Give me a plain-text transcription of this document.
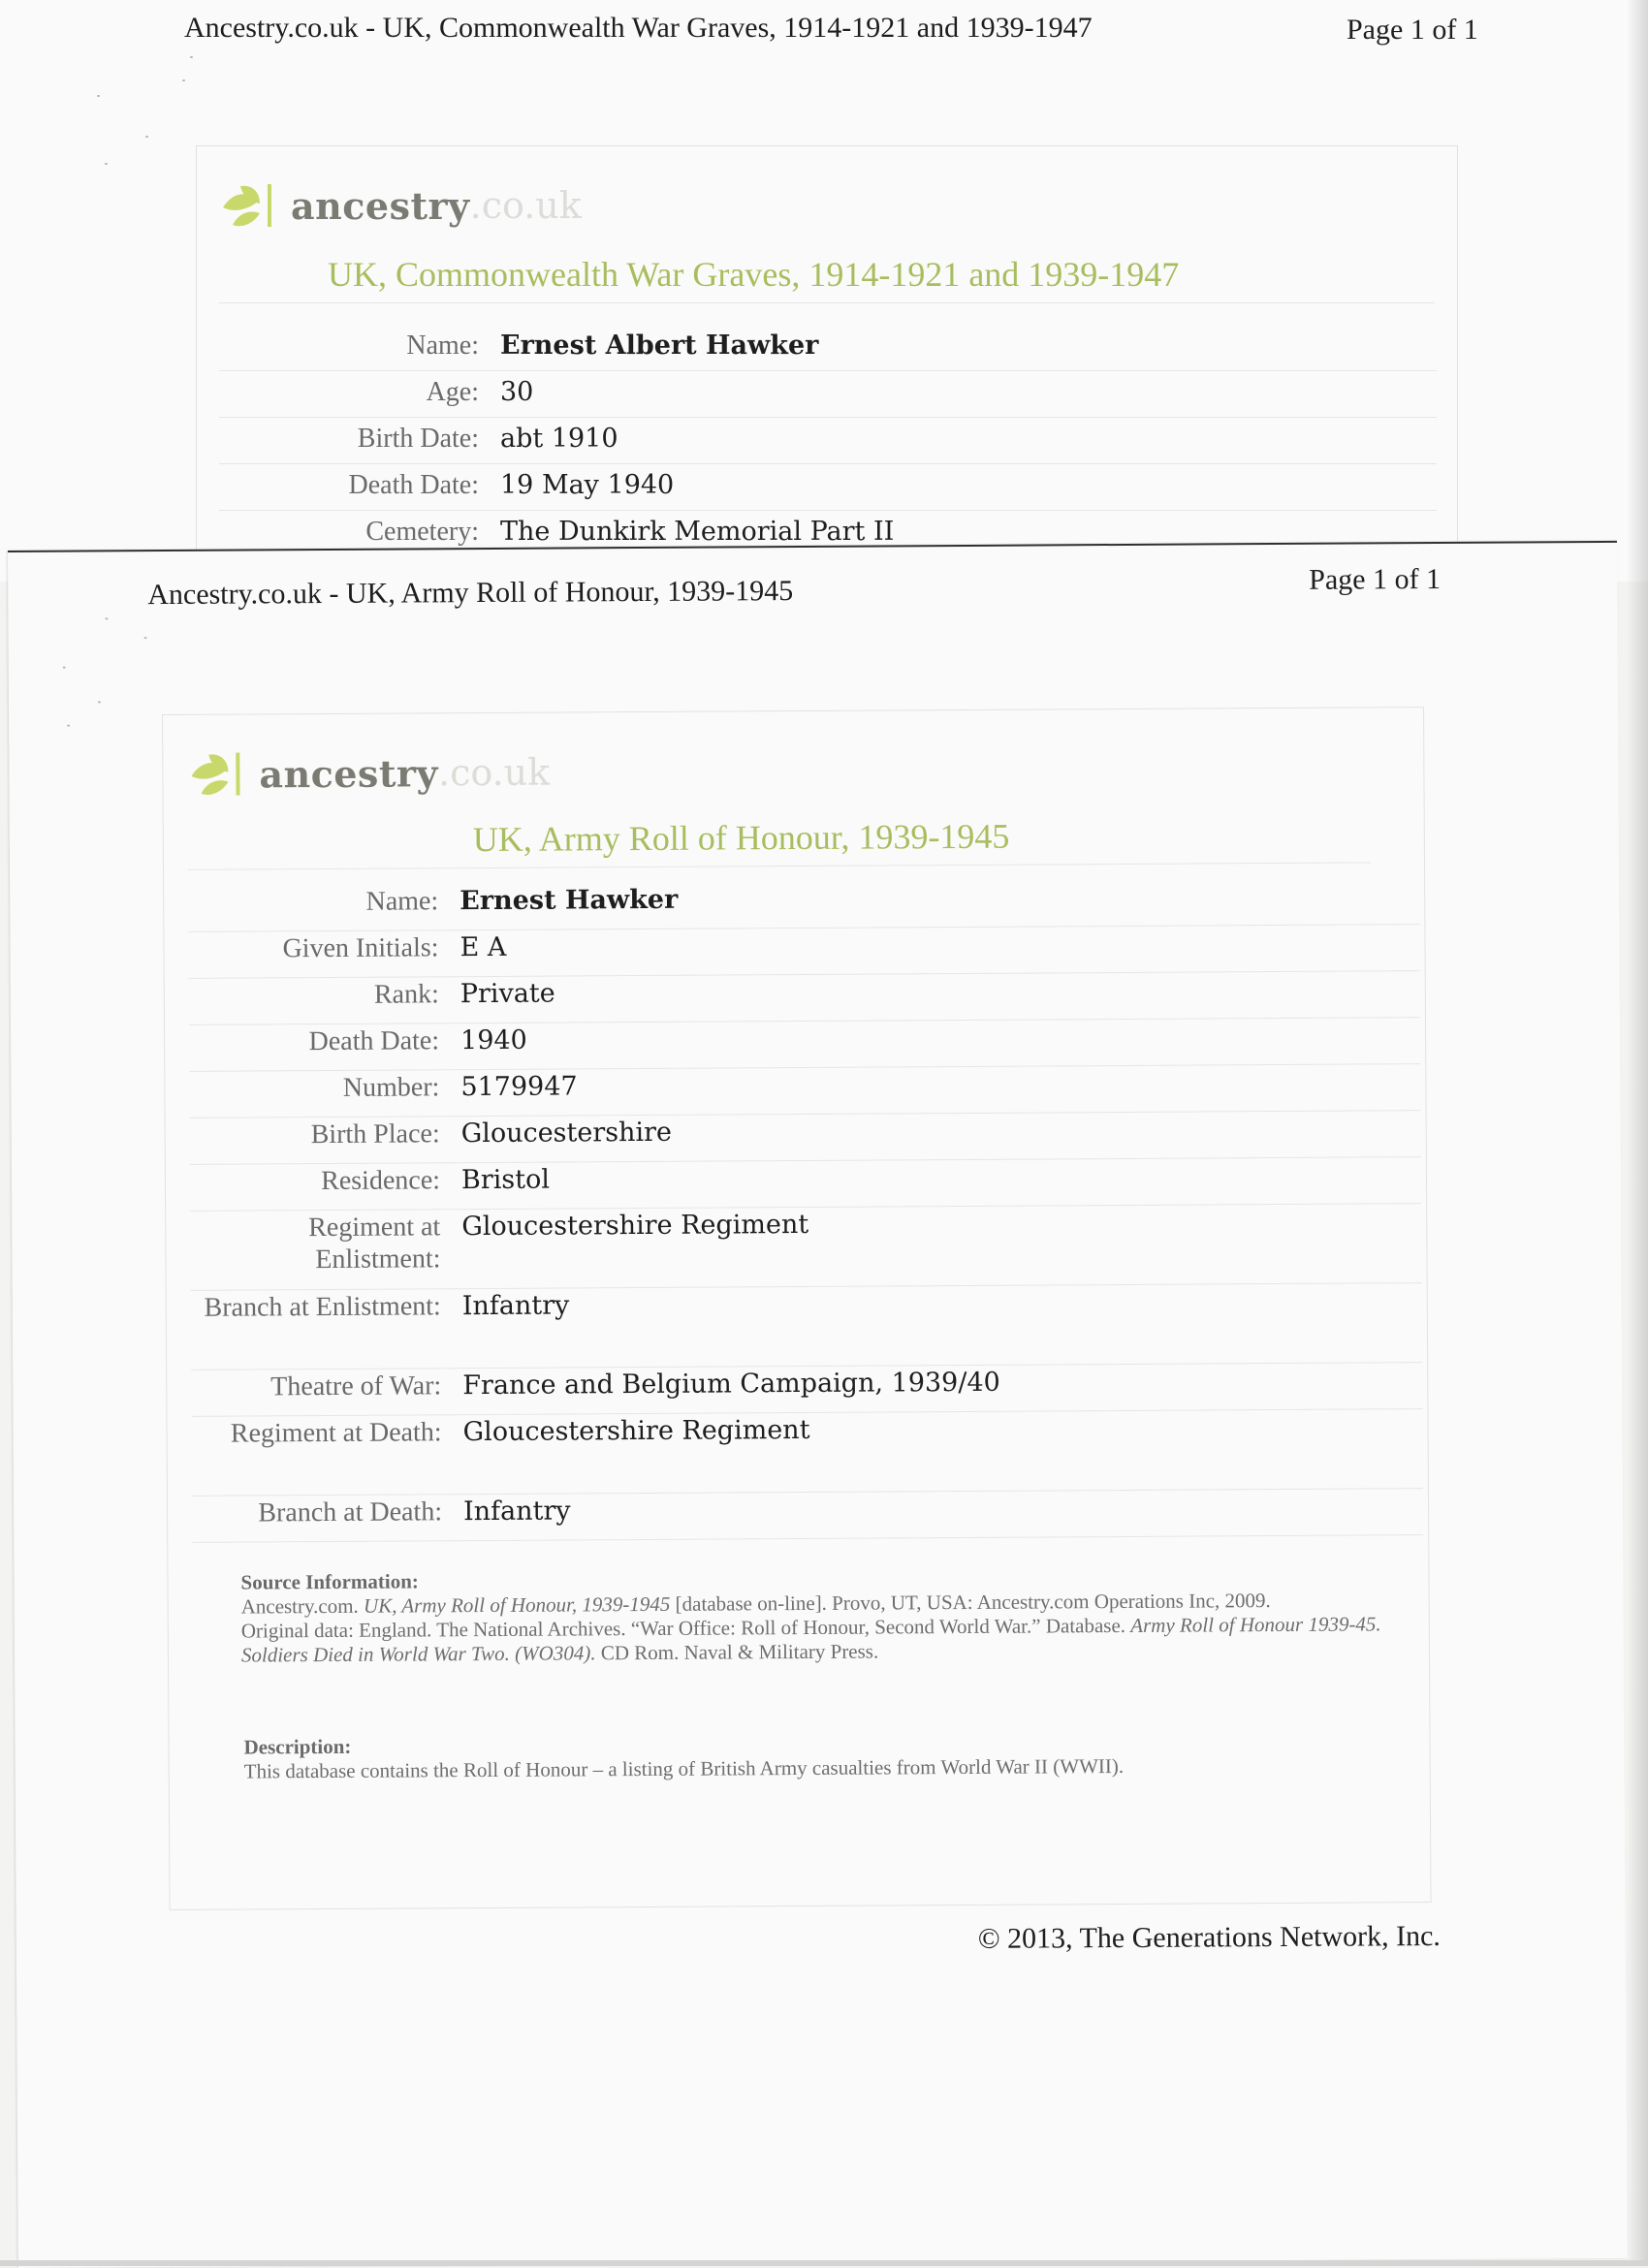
Ancestry.co.uk - UK, Commonwealth War Graves, 1914-1921 and 1939-1947	Page 1 of 1
ancestry .co.uk
UK, Commonwealth War Graves, 1914-1921 and 1939-1947
Name: Ernest Albert Hawker
Age: 30
Birth Date: abt 1910
Death Date: 19 May 1940
Cemetery: The Dunkirk Memorial Part II
Ancestry.co.uk - UK, Army Roll of Honour, 1939-1945	Page 1 of 1
ancestry .co.uk
UK, Army Roll of Honour, 1939-1945
Name: Ernest Hawker
Given Initials: E A
Rank: Private
Death Date: 1940
Number: 5179947
Birth Place: Gloucestershire
Residence: Bristol
Regiment at Enlistment:
Gloucestershire Regiment
Branch at Enlistment: Infantry
Theatre of War: France and Belgium Campaign, 1939/40
Regiment at Death: Gloucestershire Regiment
Branch at Death: Infantry
Source Information:
Ancestry.com. UK, Army Roll of Honour, 1939-1945 [database on-line]. Provo, UT, USA: Ancestry.com Operations Inc, 2009.
Original data: England. The National Archives. “War Office: Roll of Honour, Second World War.” Database. Army Roll of Honour 1939-45. Soldiers Died in World War Two. (WO304). CD Rom. Naval & Military Press.
Description:
This database contains the Roll of Honour – a listing of British Army casualties from World War II (WWII).
© 2013, The Generations Network, Inc.
